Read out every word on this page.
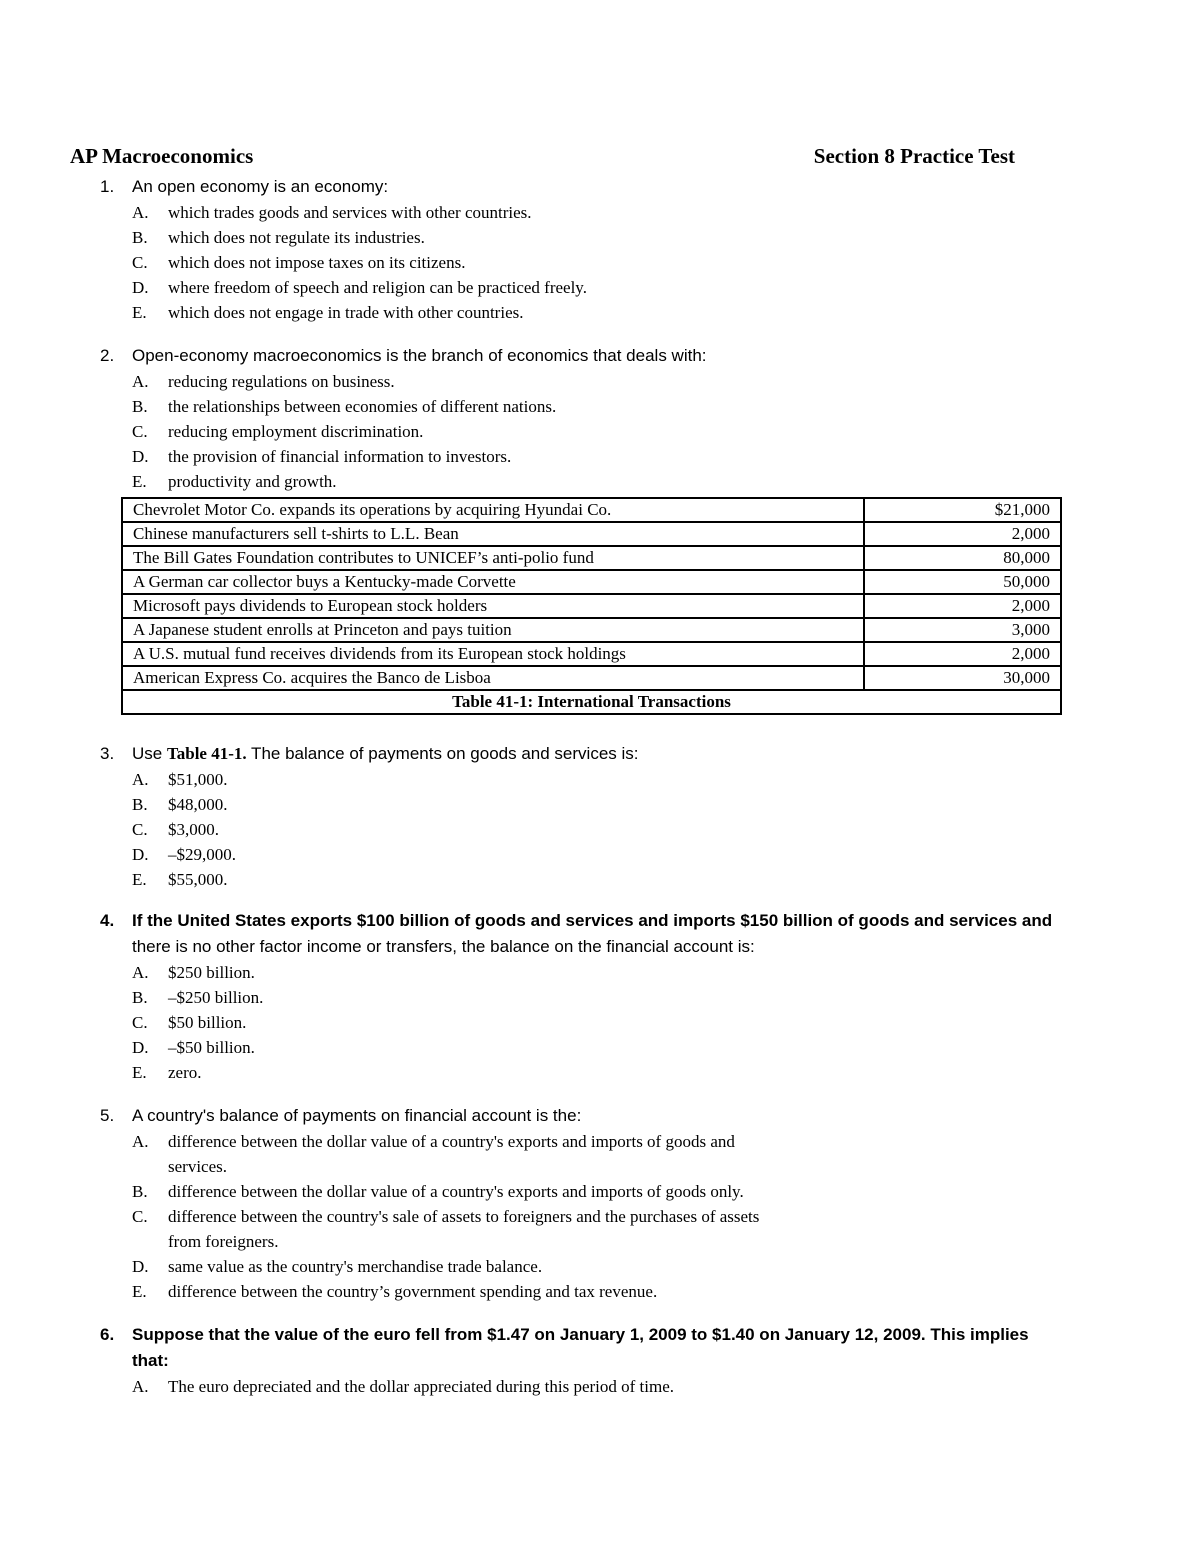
AP Macroeconomics	Section 8 Practice Test
1. An open economy is an economy:
A. which trades goods and services with other countries.
B. which does not regulate its industries.
C. which does not impose taxes on its citizens.
D. where freedom of speech and religion can be practiced freely.
E. which does not engage in trade with other countries.
2. Open-economy macroeconomics is the branch of economics that deals with:
A. reducing regulations on business.
B. the relationships between economies of different nations.
C. reducing employment discrimination.
D. the provision of financial information to investors.
E. productivity and growth.
Chevrolet Motor Co. expands its operations by acquiring Hyundai Co.	$21,000
Chinese manufacturers sell t-shirts to L.L. Bean	2,000
The Bill Gates Foundation contributes to UNICEF’s anti-polio fund	80,000
A German car collector buys a Kentucky-made Corvette	50,000
Microsoft pays dividends to European stock holders	2,000
A Japanese student enrolls at Princeton and pays tuition	3,000
A U.S. mutual fund receives dividends from its European stock holdings	2,000
American Express Co. acquires the Banco de Lisboa	30,000
Table 41-1: International Transactions	
3. Use Table 41-1. The balance of payments on goods and services is:
A. $51,000.
B. $48,000.
C. $3,000.
D. –$29,000.
E. $55,000.
4. If the United States exports $100 billion of goods and services and imports $150 billion of goods and services and
there is no other factor income or transfers, the balance on the financial account is:
A. $250 billion.
B. –$250 billion.
C. $50 billion.
D. –$50 billion.
E. zero.
5. A country's balance of payments on financial account is the:
A. difference between the dollar value of a country's exports and imports of goods and
services.
B. difference between the dollar value of a country's exports and imports of goods only.
C. difference between the country's sale of assets to foreigners and the purchases of assets
from foreigners.
D. same value as the country's merchandise trade balance.
E. difference between the country’s government spending and tax revenue.
6. Suppose that the value of the euro fell from $1.47 on January 1, 2009 to $1.40 on January 12, 2009. This implies
that:
A. The euro depreciated and the dollar appreciated during this period of time.
